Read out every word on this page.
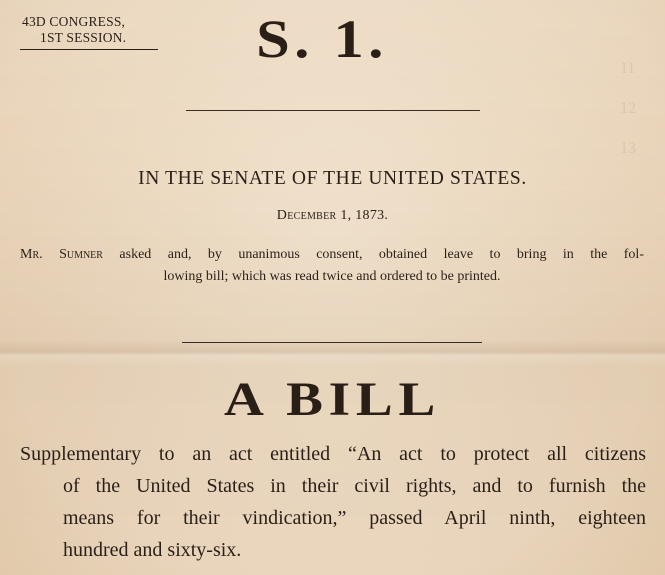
11
12
13
43D CONGRESS,
1ST SESSION.	S. 1.
IN THE SENATE OF THE UNITED STATES.
December 1, 1873.
Mr. Sumner asked and, by unanimous consent, obtained leave to bring in the fol-
lowing bill; which was read twice and ordered to be printed.
A BILL
Supplementary to an act entitled “An act to protect all citizens
of the United States in their civil rights, and to furnish the
means for their vindication,” passed April ninth, eighteen
hundred and sixty-six.
